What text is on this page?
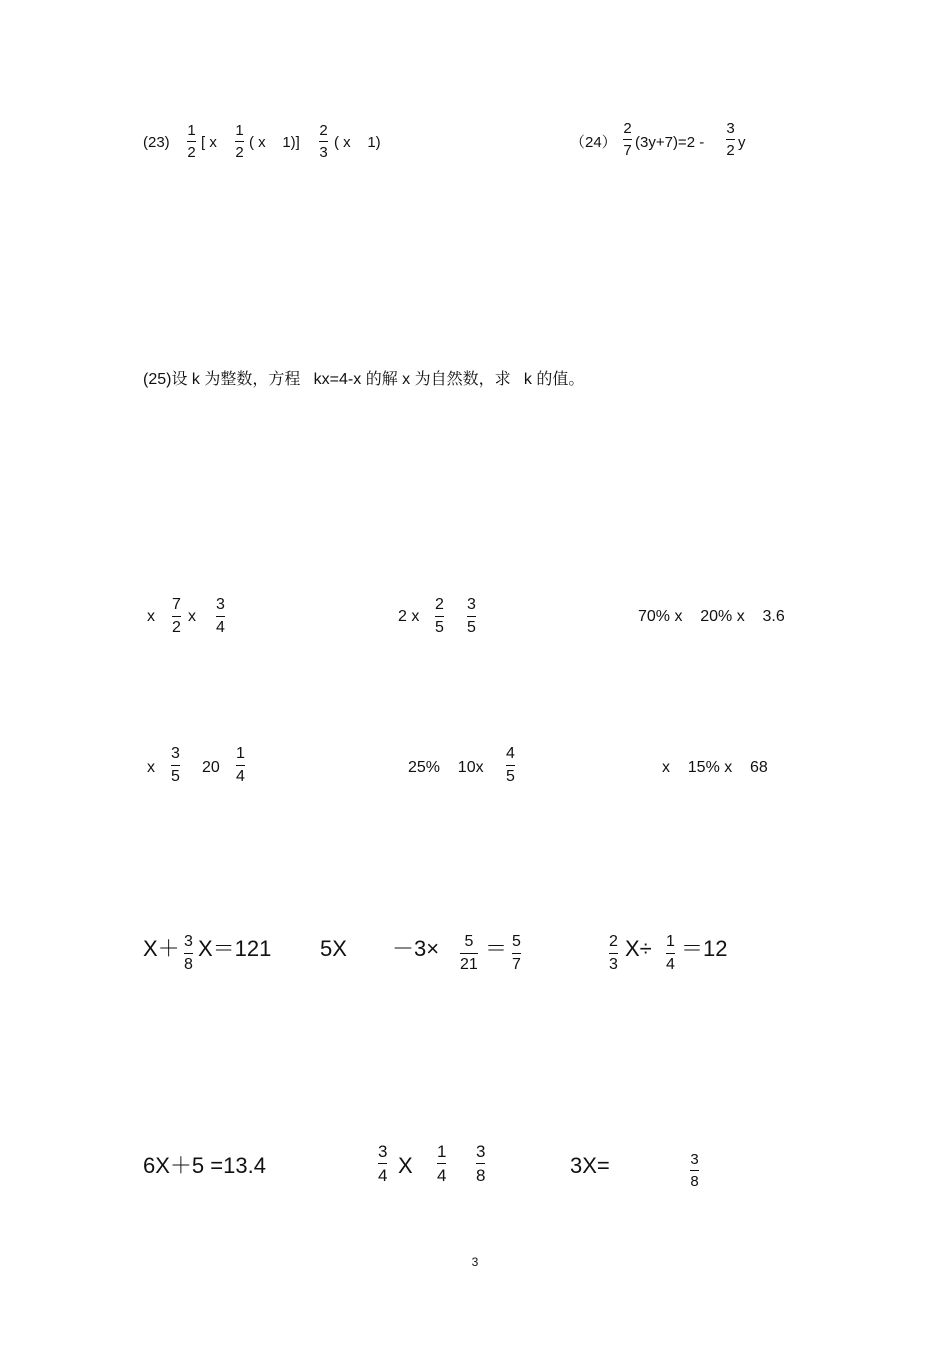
(23)
1
2
[ x
1
2
( x    1)]
2
3
( x    1)	（24）
2
7 (3y+7)=2 -
3
2 y
(25)设 k 为整数，方程   kx=4-x 的解 x 为自然数，求   k 的值。
x
7
2
x
3
4
2 x
2
5
3
5
70% x    20% x    3.6
x
3
5
20
1
4
25%    10x
4
5
x    15% x    68
X＋ 3
8
X＝121 5X －3× 5
21
＝ 5
7
2
3
X÷ 1
4
＝12
6X＋5 =13.4
3
4 X
1
4
3
8	3X=	3
8
3
